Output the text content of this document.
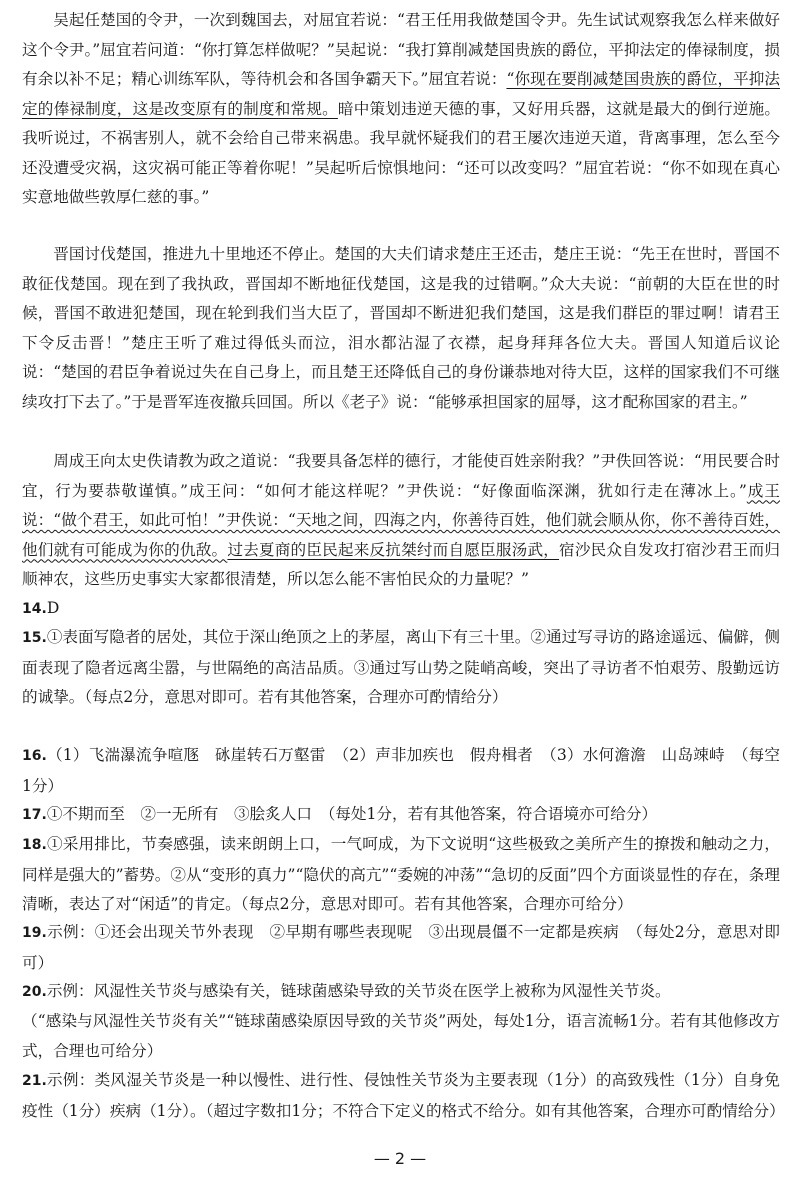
吴起任楚国的令尹，一次到魏国去，对屈宜若说：“君王任用我做楚国令尹。先生试试观察我怎么样来做好这个令尹。”屈宜若问道：“你打算怎样做呢？”吴起说：“我打算削减楚国贵族的爵位，平抑法定的俸禄制度，损有余以补不足；精心训练军队，等待机会和各国争霸天下。”屈宜若说：“你现在要削减楚国贵族的爵位，平抑法定的俸禄制度，这是改变原有的制度和常规。暗中策划违逆天德的事，又好用兵器，这就是最大的倒行逆施。我听说过，不祸害别人，就不会给自己带来祸患。我早就怀疑我们的君王屡次违逆天道，背离事理，怎么至今还没遭受灾祸，这灾祸可能正等着你呢！”吴起听后惊惧地问：“还可以改变吗？”屈宜若说：“你不如现在真心实意地做些敦厚仁慈的事。”

晋国讨伐楚国，推进九十里地还不停止。楚国的大夫们请求楚庄王还击，楚庄王说：“先王在世时，晋国不敢征伐楚国。现在到了我执政，晋国却不断地征伐楚国，这是我的过错啊。”众大夫说：“前朝的大臣在世的时候，晋国不敢进犯楚国，现在轮到我们当大臣了，晋国却不断进犯我们楚国，这是我们群臣的罪过啊！请君王下令反击晋！”楚庄王听了难过得低头而泣，泪水都沾湿了衣襟，起身拜拜各位大夫。晋国人知道后议论说：“楚国的君臣争着说过失在自己身上，而且楚王还降低自己的身份谦恭地对待大臣，这样的国家我们不可继续攻打下去了。”于是晋军连夜撤兵回国。所以《老子》说：“能够承担国家的屈辱，这才配称国家的君主。”

周成王向太史佚请教为政之道说：“我要具备怎样的德行，才能使百姓亲附我？”尹佚回答说：“用民要合时宜，行为要恭敬谨慎。”成王问：“如何才能这样呢？”尹佚说：“好像面临深渊，犹如行走在薄冰上。”成王说：“做个君王，如此可怕！”尹佚说：“天地之间，四海之内，你善待百姓，他们就会顺从你，你不善待百姓，他们就有可能成为你的仇敌。过去夏商的臣民起来反抗桀纣而自愿臣服汤武，宿沙民众自发攻打宿沙君王而归顺神农，这些历史事实大家都很清楚，所以怎么能不害怕民众的力量呢？”

14.D

15.①表面写隐者的居处，其位于深山绝顶之上的茅屋，离山下有三十里。②通过写寻访的路途遥远、偏僻，侧面表现了隐者远离尘嚣，与世隔绝的高洁品质。③通过写山势之陡峭高峻，突出了寻访者不怕艰劳、殷勤远访的诚挚。（每点2分，意思对即可。若有其他答案，合理亦可酌情给分）

16.（1）飞湍瀑流争喧豗　砯崖转石万壑雷　（2）声非加疾也　假舟楫者　（3）水何澹澹　山岛竦峙　（每空1分）

17.①不期而至　②一无所有　③脍炙人口　（每处1分，若有其他答案，符合语境亦可给分）

18.①采用排比，节奏感强，读来朗朗上口，一气呵成，为下文说明“这些极致之美所产生的撩拨和触动之力，同样是强大的”蓄势。②从“变形的真力”“隐伏的高亢”“委婉的冲荡”“急切的反面”四个方面谈显性的存在，条理清晰，表达了对“闲适”的肯定。（每点2分，意思对即可。若有其他答案，合理亦可给分）

19.示例：①还会出现关节外表现　②早期有哪些表现呢　③出现晨僵不一定都是疾病　（每处2分，意思对即可）

20.示例：风湿性关节炎与感染有关，链球菌感染导致的关节炎在医学上被称为风湿性关节炎。

（“感染与风湿性关节炎有关”“链球菌感染原因导致的关节炎”两处，每处1分，语言流畅1分。若有其他修改方式，合理也可给分）

21.示例：类风湿关节炎是一种以慢性、进行性、侵蚀性关节炎为主要表现（1分）的高致残性（1分）自身免疫性（1分）疾病（1分）。（超过字数扣1分；不符合下定义的格式不给分。如有其他答案，合理亦可酌情给分）

— 2 —
